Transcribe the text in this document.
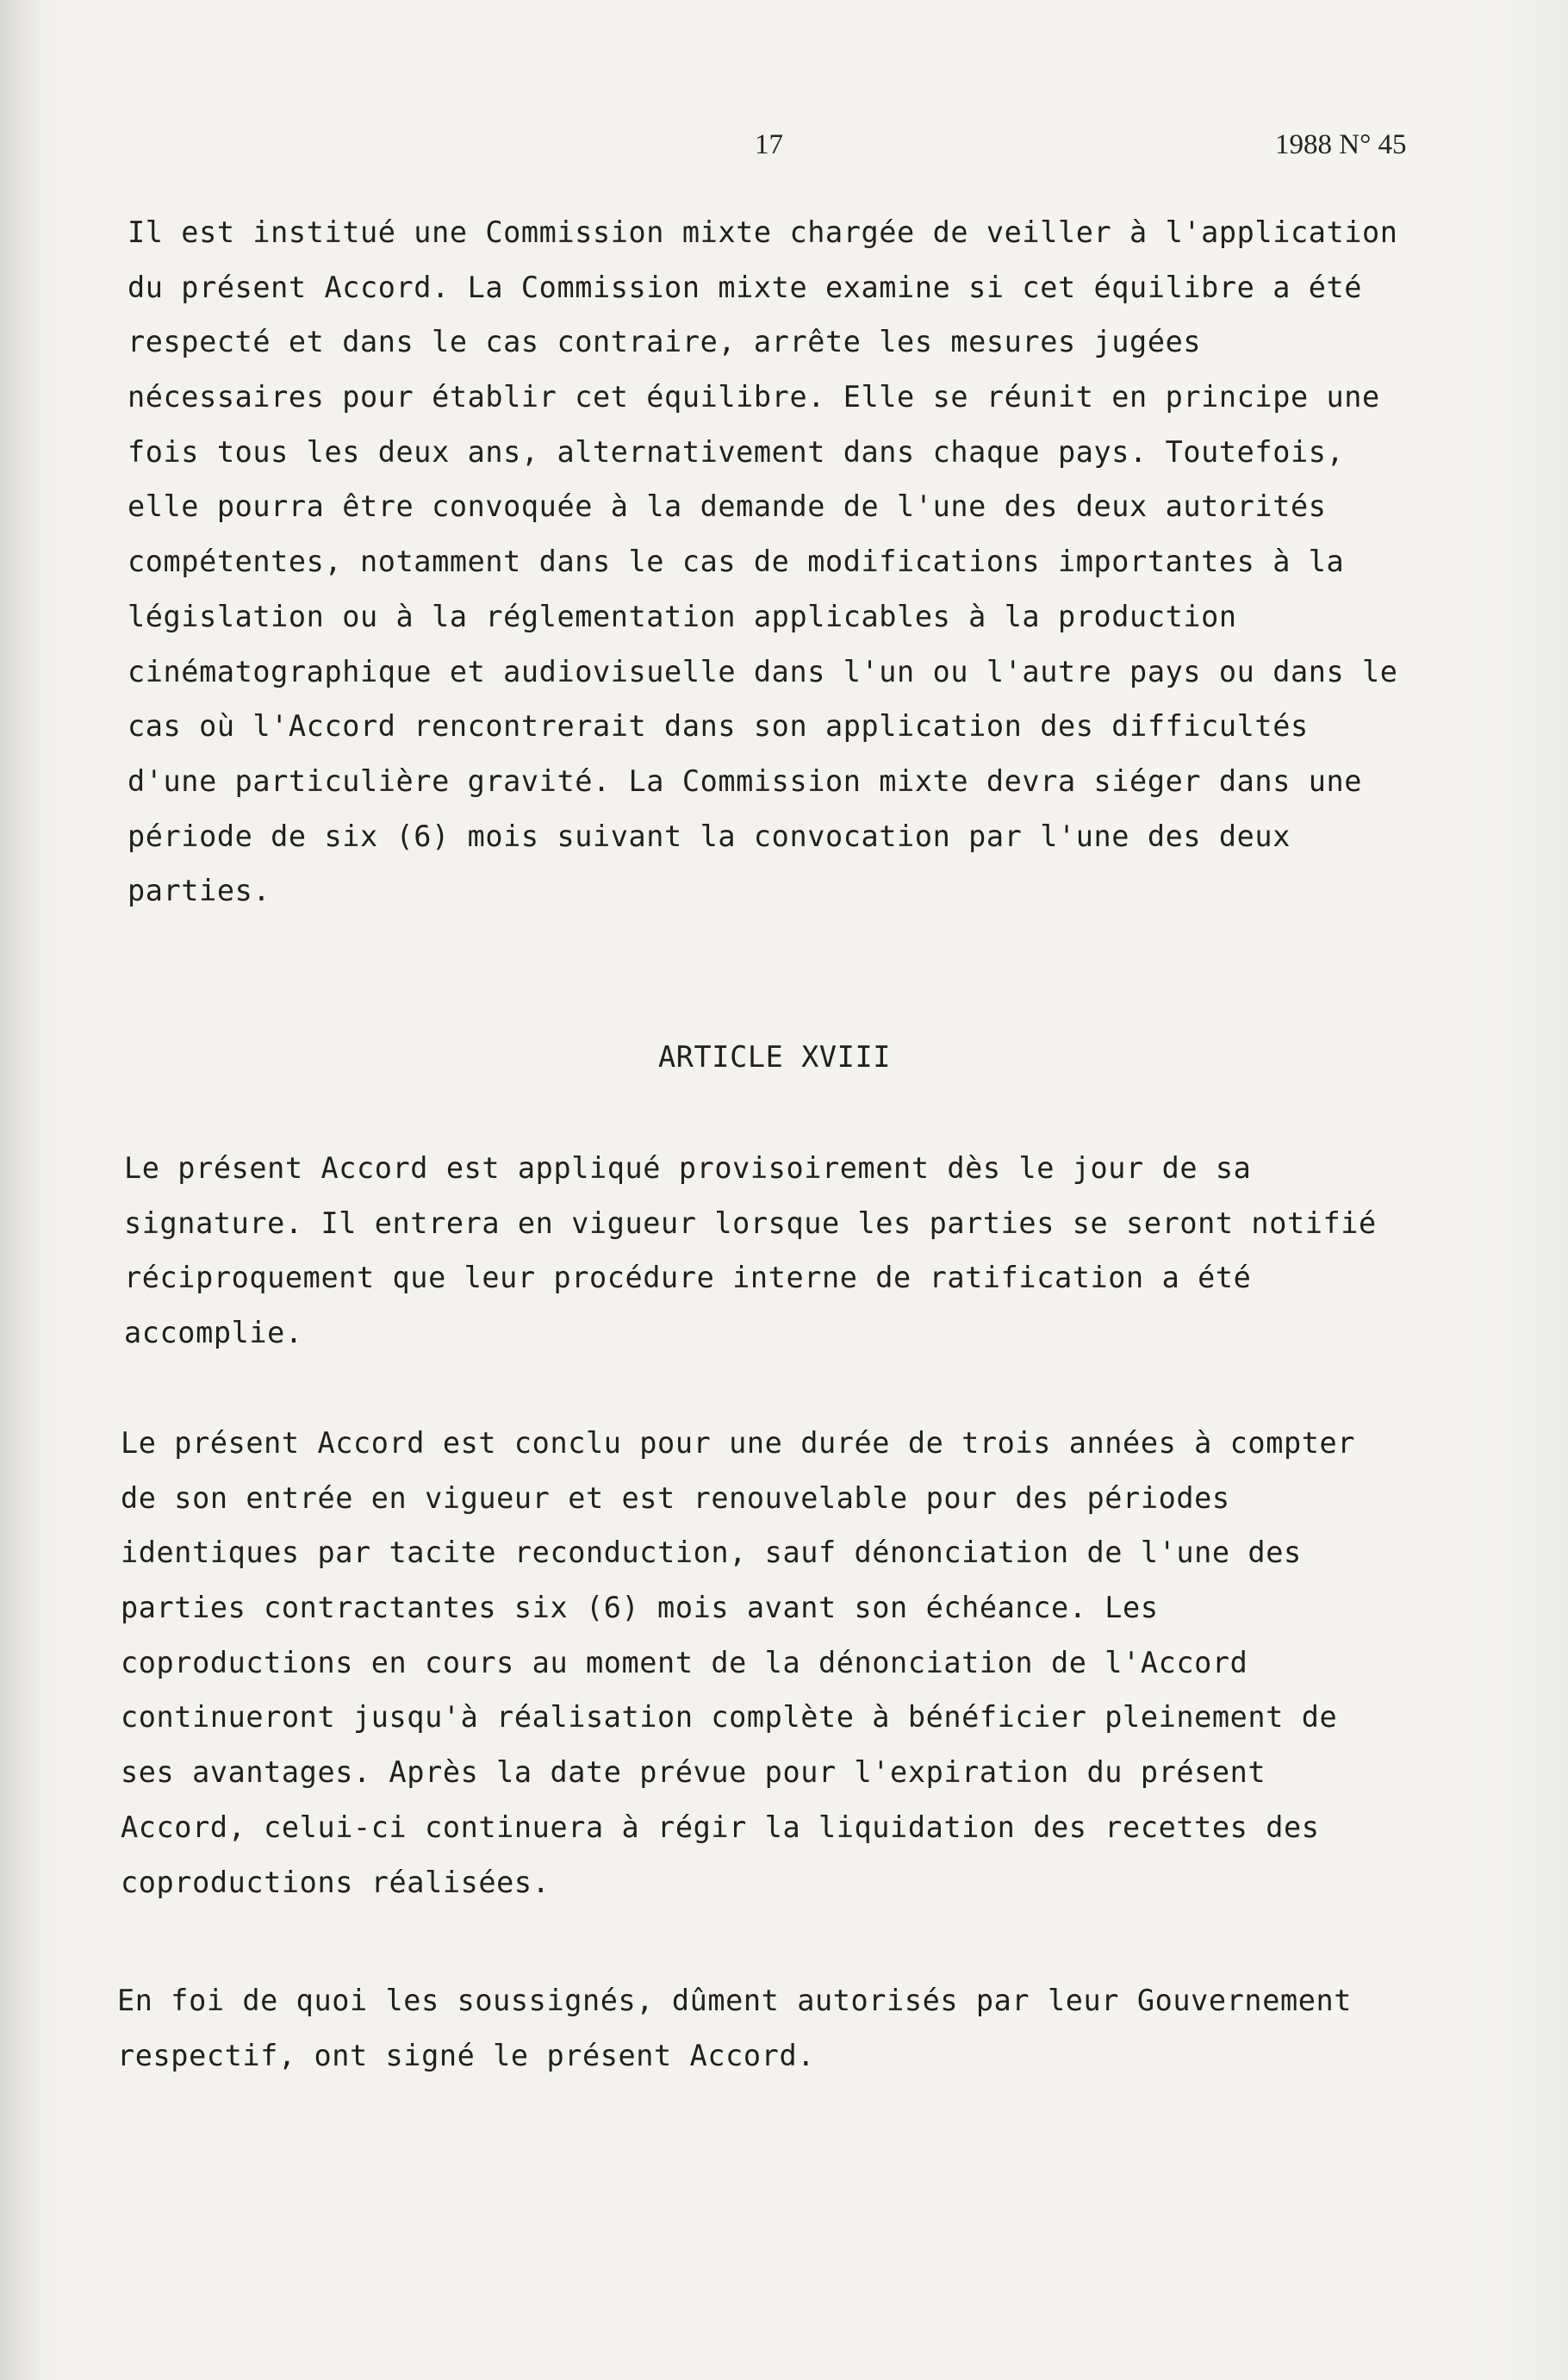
17	1988 N° 45
Il est institué une Commission mixte chargée de veiller à l'application
du présent Accord. La Commission mixte examine si cet équilibre a été
respecté et dans le cas contraire, arrête les mesures jugées
nécessaires pour établir cet équilibre. Elle se réunit en principe une
fois tous les deux ans, alternativement dans chaque pays. Toutefois,
elle pourra être convoquée à la demande de l'une des deux autorités
compétentes, notamment dans le cas de modifications importantes à la
législation ou à la réglementation applicables à la production
cinématographique et audiovisuelle dans l'un ou l'autre pays ou dans le
cas où l'Accord rencontrerait dans son application des difficultés
d'une particulière gravité. La Commission mixte devra siéger dans une
période de six (6) mois suivant la convocation par l'une des deux
parties.
ARTICLE XVIII
Le présent Accord est appliqué provisoirement dès le jour de sa
signature. Il entrera en vigueur lorsque les parties se seront notifié
réciproquement que leur procédure interne de ratification a été
accomplie.
Le présent Accord est conclu pour une durée de trois années à compter
de son entrée en vigueur et est renouvelable pour des périodes
identiques par tacite reconduction, sauf dénonciation de l'une des
parties contractantes six (6) mois avant son échéance. Les
coproductions en cours au moment de la dénonciation de l'Accord
continueront jusqu'à réalisation complète à bénéficier pleinement de
ses avantages. Après la date prévue pour l'expiration du présent
Accord, celui-ci continuera à régir la liquidation des recettes des
coproductions réalisées.
En foi de quoi les soussignés, dûment autorisés par leur Gouvernement
respectif, ont signé le présent Accord.
